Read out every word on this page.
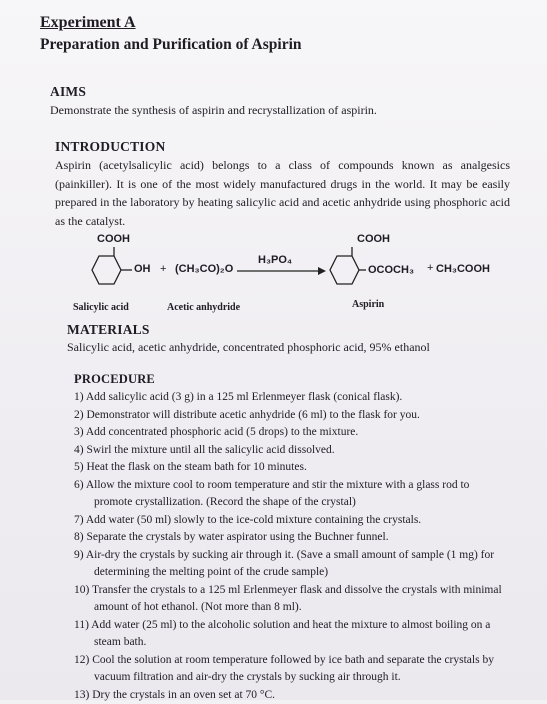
Experiment A
Preparation and Purification of Aspirin
AIMS
Demonstrate the synthesis of aspirin and recrystallization of aspirin.
INTRODUCTION
Aspirin (acetylsalicylic acid) belongs to a class of compounds known as analgesics (painkiller). It is one of the most widely manufactured drugs in the world. It may be easily prepared in the laboratory by heating salicylic acid and acetic anhydride using phosphoric acid as the catalyst.
COOH
OH + (CH₃CO)₂O
H₃PO₄
COOH
OCOCH₃ + CH₃COOH
Salicylic acid	Acetic anhydride	Aspirin
MATERIALS
Salicylic acid, acetic anhydride, concentrated phosphoric acid, 95% ethanol
PROCEDURE
1) Add salicylic acid (3 g) in a 125 ml Erlenmeyer flask (conical flask).
2) Demonstrator will distribute acetic anhydride (6 ml) to the flask for you.
3) Add concentrated phosphoric acid (5 drops) to the mixture.
4) Swirl the mixture until all the salicylic acid dissolved.
5) Heat the flask on the steam bath for 10 minutes.
6) Allow the mixture cool to room temperature and stir the mixture with a glass rod to
promote crystallization. (Record the shape of the crystal)
7) Add water (50 ml) slowly to the ice-cold mixture containing the crystals.
8) Separate the crystals by water aspirator using the Buchner funnel.
9) Air-dry the crystals by sucking air through it. (Save a small amount of sample (1 mg) for
determining the melting point of the crude sample)
10) Transfer the crystals to a 125 ml Erlenmeyer flask and dissolve the crystals with minimal
amount of hot ethanol. (Not more than 8 ml).
11) Add water (25 ml) to the alcoholic solution and heat the mixture to almost boiling on a
steam bath.
12) Cool the solution at room temperature followed by ice bath and separate the crystals by
vacuum filtration and air-dry the crystals by sucking air through it.
13) Dry the crystals in an oven set at 70 °C.
